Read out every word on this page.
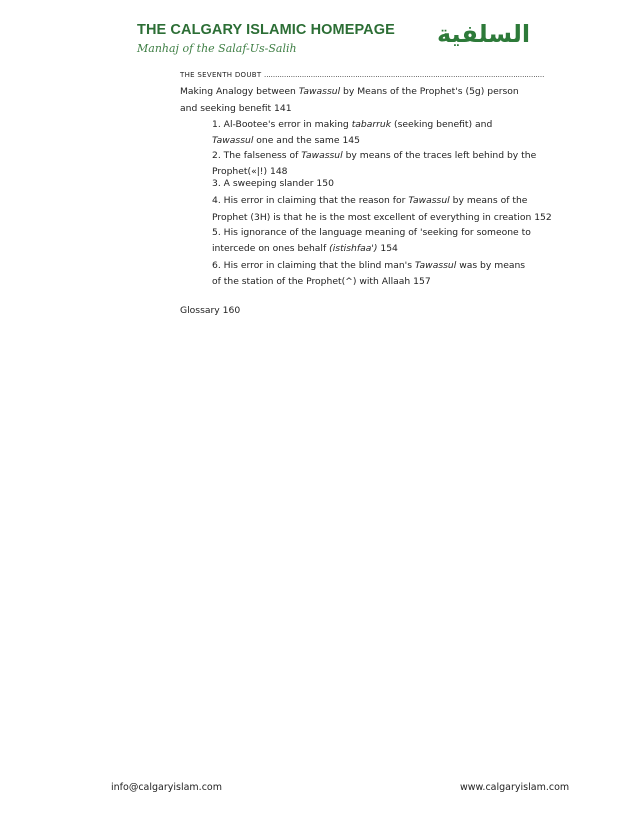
THE CALGARY ISLAMIC HOMEPAGE
Manhaj of the Salaf-Us-Salih
السلفية
THE SEVENTH DOUBT ..............................................................................................................................
Making Analogy between Tawassul by Means of the Prophet's (5g) person
and seeking benefit 141
1. Al-Bootee's error in making tabarruk (seeking benefit) and
Tawassul one and the same 145
2. The falseness of Tawassul by means of the traces left behind by the
Prophet(«|!) 148
3. A sweeping slander 150
4. His error in claiming that the reason for Tawassul by means of the
Prophet (3H) is that he is the most excellent of everything in creation 152
5. His ignorance of the language meaning of 'seeking for someone to
intercede on ones behalf (istishfaa') 154
6. His error in claiming that the blind man's Tawassul was by means
of the station of the Prophet(^) with Allaah 157
Glossary 160
info@calgaryislam.com	www.calgaryislam.com
